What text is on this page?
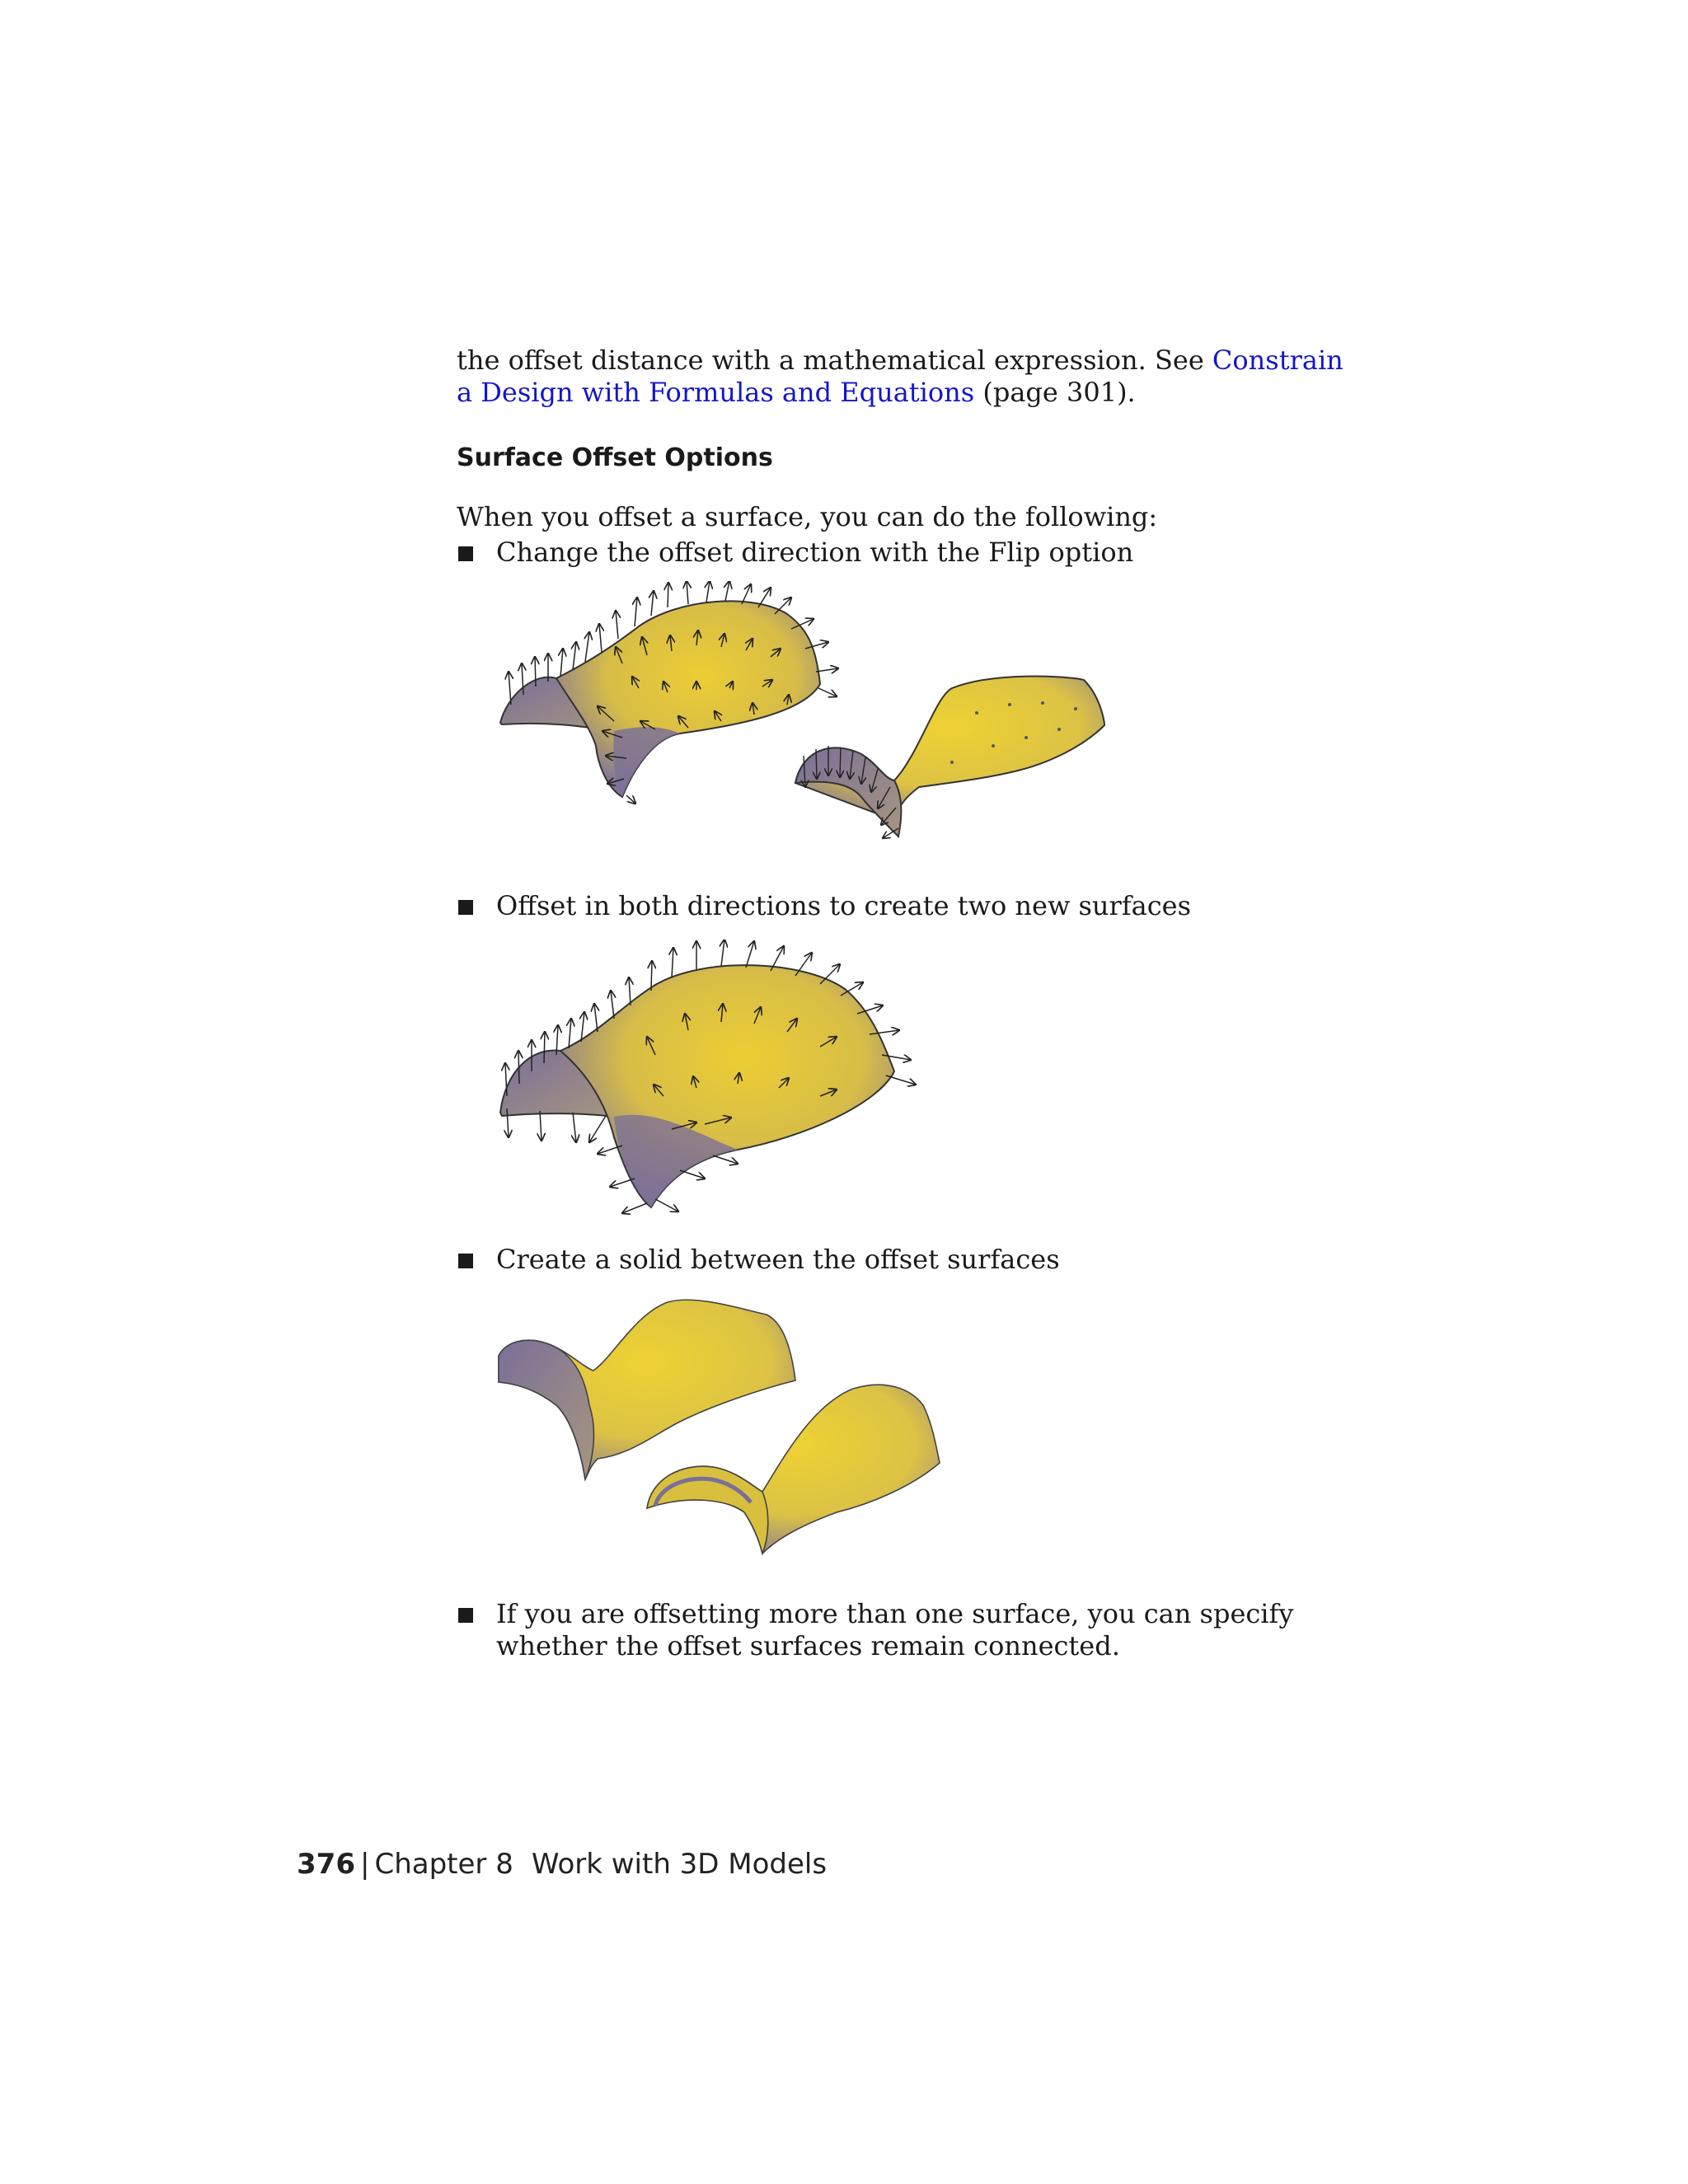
the offset distance with a mathematical expression. See Constrain a Design with Formulas and Equations (page 301).
Surface Offset Options
When you offset a surface, you can do the following:
Change the offset direction with the Flip option
Offset in both directions to create two new surfaces
Create a solid between the offset surfaces
If you are offsetting more than one surface, you can specify whether the offset surfaces remain connected.
376 | Chapter 8 Work with 3D Models
